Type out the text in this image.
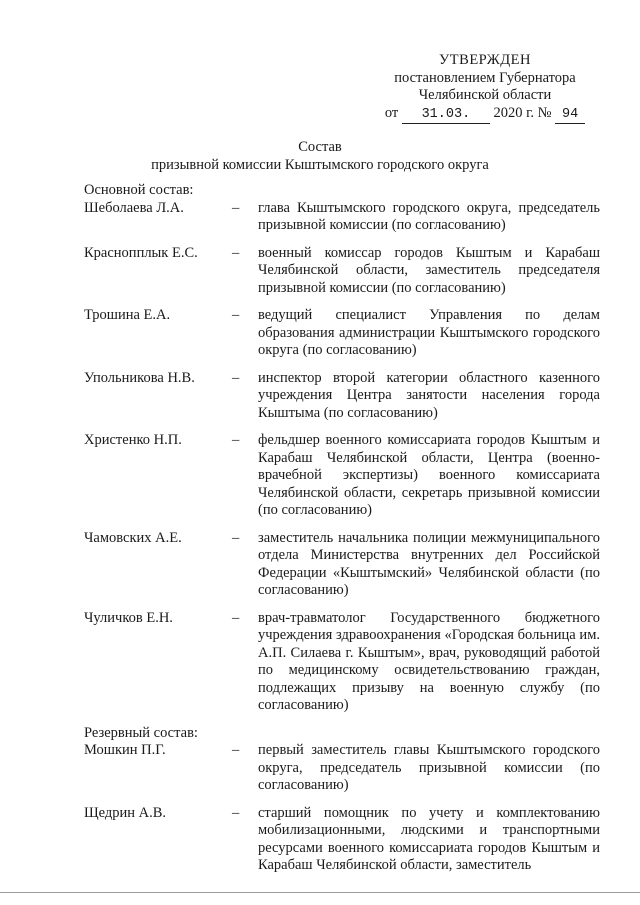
УТВЕРЖДЕН
постановлением Губернатора
Челябинской области
от 31.03. 2020 г. № 94
Состав
призывной комиссии Кыштымского городского округа

Основной состав:

Шеболаева Л.А.	–	глава Кыштымского городского округа, председатель призывной комиссии (по согласованию)
Краснопплык Е.С.	–	военный комиссар городов Кыштым и Карабаш Челябинской области, заместитель председателя призывной комиссии (по согласованию)
Трошина Е.А.	–	ведущий специалист Управления по делам образования администрации Кыштымского городского округа (по согласованию)
Упольникова Н.В.	–	инспектор второй категории областного казенного учреждения Центра занятости населения города Кыштыма (по согласованию)
Христенко Н.П.	–	фельдшер военного комиссариата городов Кыштым и Карабаш Челябинской области, Центра (военно-врачебной экспертизы) военного комиссариата Челябинской области, секретарь призывной комиссии (по согласованию)
Чамовских А.Е.	–	заместитель начальника полиции межмуниципального отдела Министерства внутренних дел Российской Федерации «Кыштымский» Челябинской области (по согласованию)
Чуличков Е.Н.	–	врач-травматолог Государственного бюджетного учреждения здравоохранения «Городская больница им. А.П. Силаева г. Кыштым», врач, руководящий работой по медицинскому освидетельствованию граждан, подлежащих призыву на военную службу (по согласованию)

Резервный состав:

Мошкин П.Г.	–	первый заместитель главы Кыштымского городского округа, председатель призывной комиссии (по согласованию)
Щедрин А.В.	–	старший помощник по учету и комплектованию мобилизационными, людскими и транспортными ресурсами военного комиссариата городов Кыштым и Карабаш Челябинской области, заместитель
